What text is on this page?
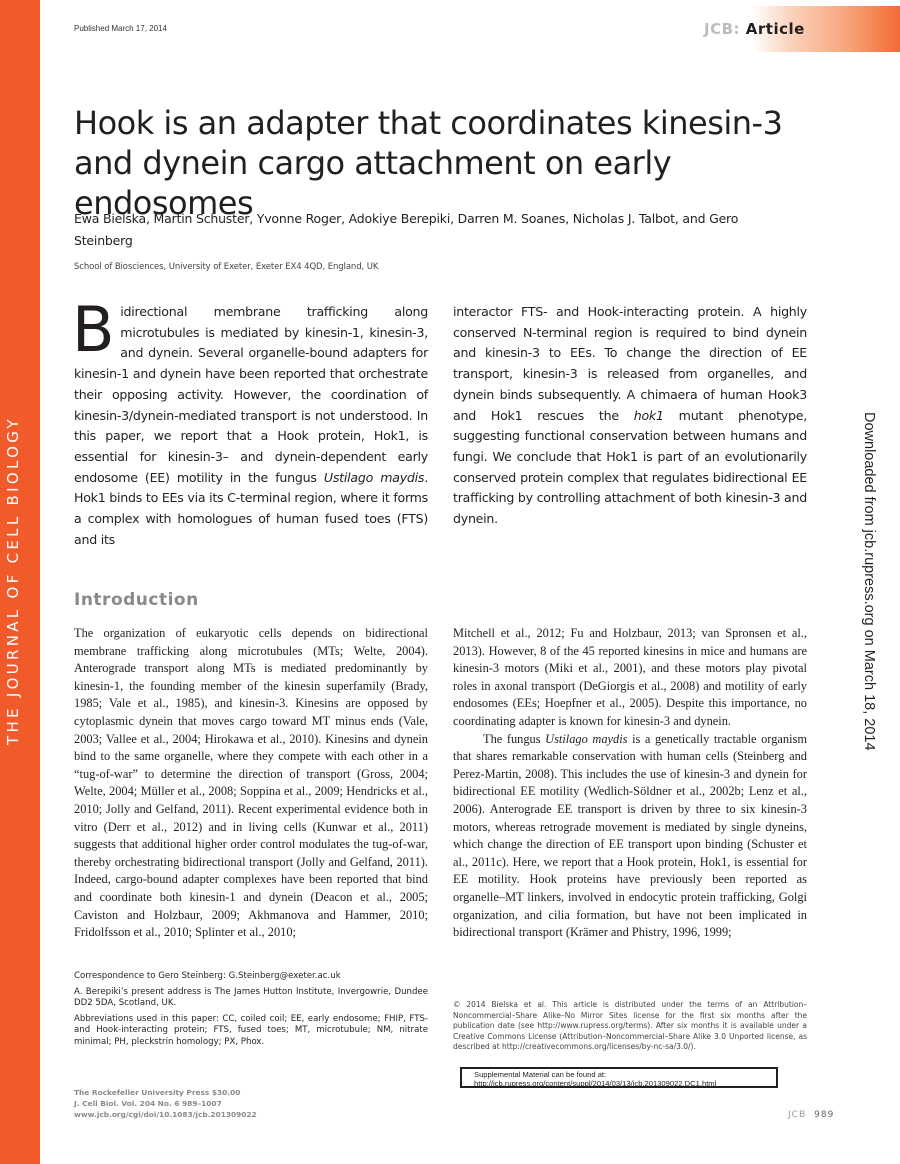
THE JOURNAL OF CELL BIOLOGY
Published March 17, 2014	JCB: Article
Hook is an adapter that coordinates kinesin-3 and dynein cargo attachment on early endosomes
Ewa Bielska, Martin Schuster, Yvonne Roger, Adokiye Berepiki, Darren M. Soanes, Nicholas J. Talbot, and Gero Steinberg
School of Biosciences, University of Exeter, Exeter EX4 4QD, England, UK
Bidirectional membrane trafficking along microtubules is mediated by kinesin-1, kinesin-3, and dynein. Several organelle-bound adapters for kinesin-1 and dynein have been reported that orchestrate their opposing activity. However, the coordination of kinesin-3/dynein-mediated transport is not understood. In this paper, we report that a Hook protein, Hok1, is essential for kinesin-3– and dynein-dependent early endosome (EE) motility in the fungus Ustilago maydis. Hok1 binds to EEs via its C-terminal region, where it forms a complex with homologues of human fused toes (FTS) and its
interactor FTS- and Hook-interacting protein. A highly conserved N-terminal region is required to bind dynein and kinesin-3 to EEs. To change the direction of EE transport, kinesin-3 is released from organelles, and dynein binds subsequently. A chimaera of human Hook3 and Hok1 rescues the hok1 mutant phenotype, suggesting functional conservation between humans and fungi. We conclude that Hok1 is part of an evolutionarily conserved protein complex that regulates bidirectional EE trafficking by controlling attachment of both kinesin-3 and dynein.	Downloaded from jcb.rupress.org on March 18, 2014
Introduction

The organization of eukaryotic cells depends on bidirectional membrane trafficking along microtubules (MTs; Welte, 2004). Anterograde transport along MTs is mediated predominantly by kinesin-1, the founding member of the kinesin superfamily (Brady, 1985; Vale et al., 1985), and kinesin-3. Kinesins are opposed by cytoplasmic dynein that moves cargo toward MT minus ends (Vale, 2003; Vallee et al., 2004; Hirokawa et al., 2010). Kinesins and dynein bind to the same organelle, where they compete with each other in a “tug-of-war” to determine the direction of transport (Gross, 2004; Welte, 2004; Müller et al., 2008; Soppina et al., 2009; Hendricks et al., 2010; Jolly and Gelfand, 2011). Recent experimental evidence both in vitro (Derr et al., 2012) and in living cells (Kunwar et al., 2011) suggests that additional higher order control modulates the tug-of-war, thereby orchestrating bidirectional transport (Jolly and Gelfand, 2011). Indeed, cargo-bound adapter complexes have been reported that bind and coordinate both kinesin-1 and dynein (Deacon et al., 2005; Caviston and Holzbaur, 2009; Akhmanova and Hammer, 2010; Fridolfsson et al., 2010; Splinter et al., 2010;

Mitchell et al., 2012; Fu and Holzbaur, 2013; van Spronsen et al., 2013). However, 8 of the 45 reported kinesins in mice and humans are kinesin-3 motors (Miki et al., 2001), and these motors play pivotal roles in axonal transport (DeGiorgis et al., 2008) and motility of early endosomes (EEs; Hoepfner et al., 2005). Despite this importance, no coordinating adapter is known for kinesin-3 and dynein.

The fungus Ustilago maydis is a genetically tractable organism that shares remarkable conservation with human cells (Steinberg and Perez-Martin, 2008). This includes the use of kinesin-3 and dynein for bidirectional EE motility (Wedlich-Söldner et al., 2002b; Lenz et al., 2006). Anterograde EE transport is driven by three to six kinesin-3 motors, whereas retrograde movement is mediated by single dyneins, which change the direction of EE transport upon binding (Schuster et al., 2011c). Here, we report that a Hook protein, Hok1, is essential for EE motility. Hook proteins have previously been reported as organelle–MT linkers, involved in endocytic protein trafficking, Golgi organization, and cilia formation, but have not been implicated in bidirectional transport (Krämer and Phistry, 1996, 1999;

Correspondence to Gero Steinberg: G.Steinberg@exeter.ac.uk

A. Berepiki’s present address is The James Hutton Institute, Invergowrie, Dundee DD2 5DA, Scotland, UK.

Abbreviations used in this paper: CC, coiled coil; EE, early endosome; FHIP, FTS- and Hook-interacting protein; FTS, fused toes; MT, microtubule; NM, nitrate minimal; PH, pleckstrin homology; PX, Phox.

The Rockefeller University Press $30.00
J. Cell Biol. Vol. 204 No. 6 989–1007
www.jcb.org/cgi/doi/10.1083/jcb.201309022
© 2014 Bielska et al. This article is distributed under the terms of an Attribution–Noncommercial–Share Alike–No Mirror Sites license for the first six months after the publication date (see http://www.rupress.org/terms). After six months it is available under a Creative Commons License (Attribution–Noncommercial–Share Alike 3.0 Unported license, as described at http://creativecommons.org/licenses/by-nc-sa/3.0/).
Supplemental Material can be found at:
http://jcb.rupress.org/content/suppl/2014/03/13/jcb.201309022.DC1.html
JCB 989
